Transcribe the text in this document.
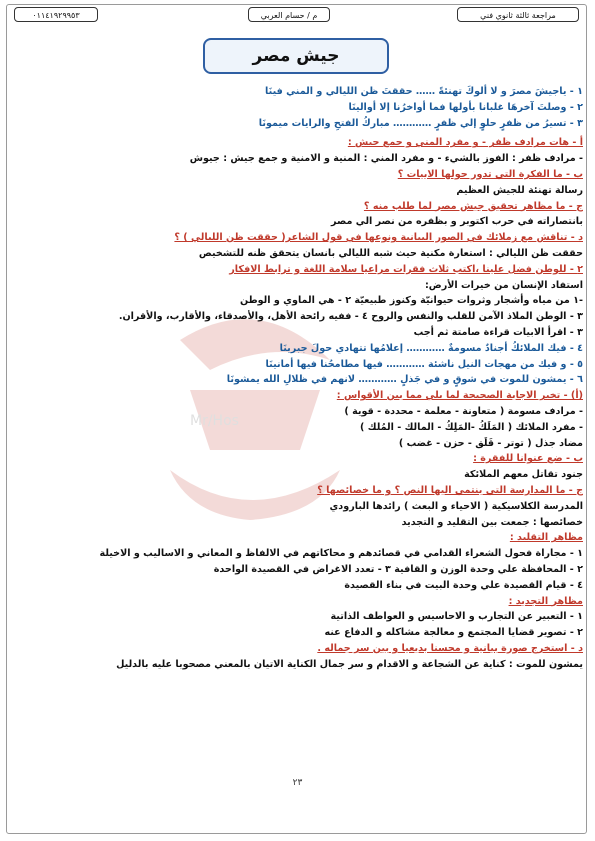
٠١١٤١٩٢٩٩٥٣	م / حسام العربي	مراجعة ثالثة ثانوي فني
Mr/Hos
جيش مصر
١ - ياجيشَ مصرَ و لا ألوكَ تهنئةً …… حققتَ ظن الليالي و المني فينَا
٢ - وصلتَ آخرهَا غلبانا بأولها فما أواخرُنا إلا أوالينَا
٣ - تسيرُ من ظفرٍ حلوٍ إلي ظفرٍ ………… مباركُ الفتحِ والرايات ميمونَا
أ - هات مرادف ظفر - و مفرد المني و جمع جيش :
- مرادف ظفر : الفوز بالشيء - و مفرد المني : المنية و الامنية و جمع جيش : جيوش
ب - ما الفكرة التي تدور حولها الابيات ؟
رسالة تهنئة للجيش العظيم
ج - ما مظاهر تحقيق جيش مصر لما طلب منه ؟
بانتصاراته في حرب اكتوبر و بظفره من نصر الي مصر
د - تناقش مع زملائك في الصور البيانية ونوعها في قول الشاعر( حققت ظن الليالي ) ؟
حققت ظن الليالي : استعارة مكنية حيث شبه الليالي بانسان يتحقق ظنه للتشخيص
٢ - للوطن فضل علينا ،اكتب ثلاث فقرات مراعيا سلامة اللغة و ترابط الافكار
استفاد الإنسان من خيرات الأرض:
-١ من مياه وأشجار وثروات حيوانيّة وكنوز طبيعيّة ٢ - هي الماوي و الوطن
٣ - الوطن الملاذ الآمن للقلب والنفس والروح ٤ - ففيه رائحة الأهل، والأصدقاء، والأقارب، والأقران.
٣ - اقرأ الابيات قراءة صامتة ثم أجب
٤ - فيك الملائكُ أجنادٌ مسومةٌ ………… إعلامُها تتهادي حولَ جبرينَا
٥ - و فيك من مهجات النيل ناشئة ………… فيها مطامحُنا فيها أمانينَا
٦ - يمشون للموت في شوقٍ و في جَذلٍ ………… لانهم في ظلالِ الله يمشونَا
(أ) - تخير الاجابة الصحيحة لما يلي مما بين الأقواس :
- مرادف مسومة ( متعاونة - معلمة - محددة - قوية )
- مفرد الملائك ( المَلَكُ -المَلِكُ - المالك - المُلك )
مضاد جذل ( توتر - قَلَق - حزن - غضب )
ب - ضع عنوانا للفقرة :
جنود تقاتل معهم الملائكة
ج - ما المدارسة التي ينتمي اليها النص ؟ و ما خصائصها ؟
المدرسة الكلاسيكية ( الاحياء و البعث ) رائدها البارودي
خصائصها : جمعت بين التقليد و التجديد
مظاهر التقليد :
١ - مجاراة فحول الشعراء القدامي في قصائدهم و محاكاتهم في الالفاظ و المعاني و الاساليب و الاخيلة
٢ - المحافظة علي وحدة الوزن و القافية ٣ - تعدد الاغراض في القصيدة الواحدة
٤ - قيام القصيدة علي وحدة البيت في بناء القصيدة
مظاهر التجديد :
١ - التعبير عن التجارب و الاحاسيس و العواطف الذاتية
٢ - تصوير قضايا المجتمع و معالجة مشاكله و الدفاع عنه
د - استخرج صورة بيانية و محسنا بديعيا و بين سر جماله .
يمشون للموت : كناية عن الشجاعة و الاقدام و سر جمال الكناية الاتيان بالمعني مصحوبا عليه بالدليل
٢٣
